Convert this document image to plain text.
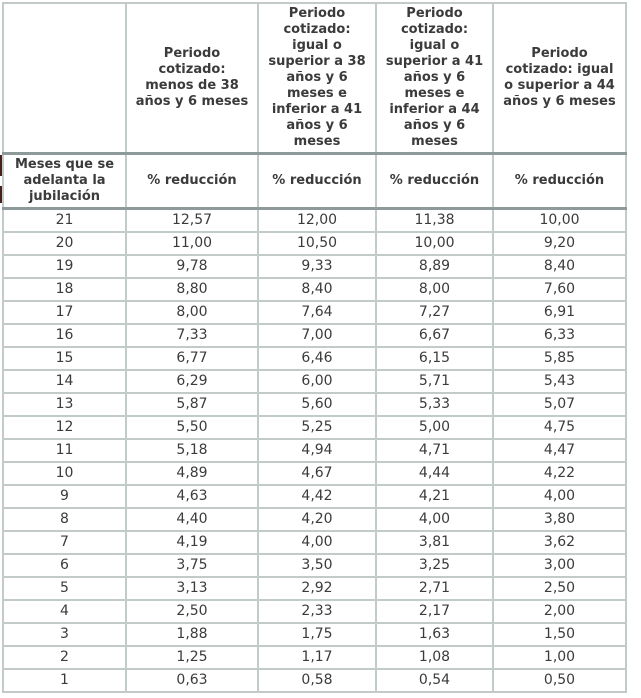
	Periodo cotizado: menos de 38 años y 6 meses	Periodo cotizado: igual o superior a 38 años y 6 meses e inferior a 41 años y 6 meses	Periodo cotizado: igual o superior a 41 años y 6 meses e inferior a 44 años y 6 meses	Periodo cotizado: igual o superior a 44 años y 6 meses
Meses que se adelanta la jubilación	% reducción	% reducción	% reducción	% reducción
21	12,57	12,00	11,38	10,00
20	11,00	10,50	10,00	9,20
19	9,78	9,33	8,89	8,40
18	8,80	8,40	8,00	7,60
17	8,00	7,64	7,27	6,91
16	7,33	7,00	6,67	6,33
15	6,77	6,46	6,15	5,85
14	6,29	6,00	5,71	5,43
13	5,87	5,60	5,33	5,07
12	5,50	5,25	5,00	4,75
11	5,18	4,94	4,71	4,47
10	4,89	4,67	4,44	4,22
9	4,63	4,42	4,21	4,00
8	4,40	4,20	4,00	3,80
7	4,19	4,00	3,81	3,62
6	3,75	3,50	3,25	3,00
5	3,13	2,92	2,71	2,50
4	2,50	2,33	2,17	2,00
3	1,88	1,75	1,63	1,50
2	1,25	1,17	1,08	1,00
1	0,63	0,58	0,54	0,50
